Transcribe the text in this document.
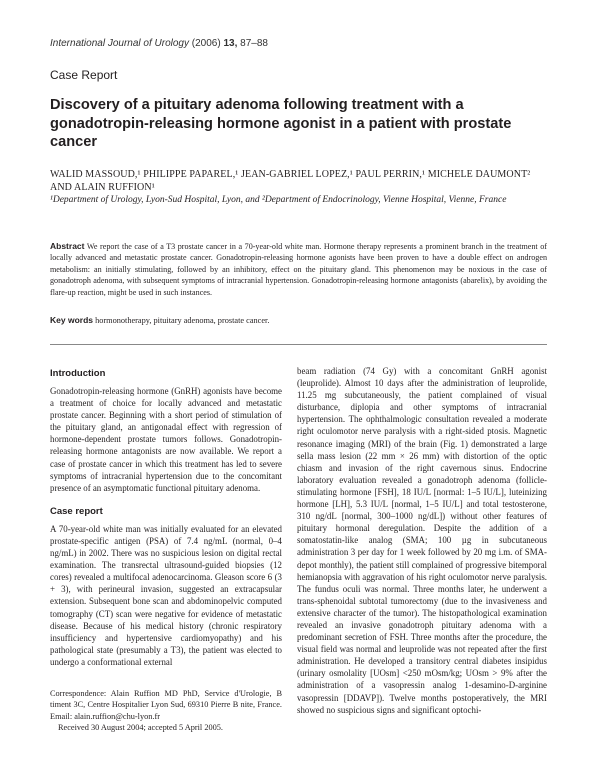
International Journal of Urology (2006) 13, 87–88
Case Report
Discovery of a pituitary adenoma following treatment with a gonadotropin-releasing hormone agonist in a patient with prostate cancer
WALID MASSOUD,¹ PHILIPPE PAPAREL,¹ JEAN-GABRIEL LOPEZ,¹ PAUL PERRIN,¹ MICHELE DAUMONT² AND ALAIN RUFFION¹
¹Department of Urology, Lyon-Sud Hospital, Lyon, and ²Department of Endocrinology, Vienne Hospital, Vienne, France
Abstract We report the case of a T3 prostate cancer in a 70-year-old white man. Hormone therapy represents a prominent branch in the treatment of locally advanced and metastatic prostate cancer. Gonadotropin-releasing hormone agonists have been proven to have a double effect on androgen metabolism: an initially stimulating, followed by an inhibitory, effect on the pituitary gland. This phenomenon may be noxious in the case of gonadotroph adenoma, with subsequent symptoms of intracranial hypertension. Gonadotropin-releasing hormone antagonists (abarelix), by avoiding the flare-up reaction, might be used in such instances.
Key words hormonotherapy, pituitary adenoma, prostate cancer.
Introduction

Gonadotropin-releasing hormone (GnRH) agonists have become a treatment of choice for locally advanced and metastatic prostate cancer. Beginning with a short period of stimulation of the pituitary gland, an antigonadal effect with regression of hormone-dependent prostate tumors follows. Gonadotropin-releasing hormone antagonists are now available. We report a case of prostate cancer in which this treatment has led to severe symptoms of intracranial hypertension due to the concomitant presence of an asymptomatic functional pituitary adenoma.

Case report

A 70-year-old white man was initially evaluated for an elevated prostate-specific antigen (PSA) of 7.4 ng/mL (normal, 0–4 ng/mL) in 2002. There was no suspicious lesion on digital rectal examination. The transrectal ultrasound-guided biopsies (12 cores) revealed a multifocal adenocarcinoma. Gleason score 6 (3 + 3), with perineural invasion, suggested an extracapsular extension. Subsequent bone scan and abdominopelvic computed tomography (CT) scan were negative for evidence of metastatic disease. Because of his medical history (chronic respiratory insufficiency and hypertensive cardiomyopathy) and his pathological state (presumably a T3), the patient was elected to undergo a conformational external

beam radiation (74 Gy) with a concomitant GnRH agonist (leuprolide). Almost 10 days after the administration of leuprolide, 11.25 mg subcutaneously, the patient complained of visual disturbance, diplopia and other symptoms of intracranial hypertension. The ophthalmologic consultation revealed a moderate right oculomotor nerve paralysis with a right-sided ptosis. Magnetic resonance imaging (MRI) of the brain (Fig. 1) demonstrated a large sella mass lesion (22 mm × 26 mm) with distortion of the optic chiasm and invasion of the right cavernous sinus. Endocrine laboratory evaluation revealed a gonadotroph adenoma (follicle-stimulating hormone [FSH], 18 IU/L [normal: 1–5 IU/L], luteinizing hormone [LH], 5.3 IU/L [normal, 1–5 IU/L] and total testosterone, 310 ng/dL [normal, 300–1000 ng/dL]) without other features of pituitary hormonal deregulation. Despite the addition of a somatostatin-like analog (SMA; 100 µg in subcutaneous administration 3 per day for 1 week followed by 20 mg i.m. of SMA-depot monthly), the patient still complained of progressive bitemporal hemianopsia with aggravation of his right oculomotor nerve paralysis. The fundus oculi was normal. Three months later, he underwent a trans-sphenoidal subtotal tumorectomy (due to the invasiveness and extensive character of the tumor). The histopathological examination revealed an invasive gonadotroph pituitary adenoma with a predominant secretion of FSH. Three months after the procedure, the visual field was normal and leuprolide was not repeated after the first administration. He developed a transitory central diabetes insipidus (urinary osmolality [UOsm] <250 mOsm/kg; UOsm > 9% after the administration of a vasopressin analog 1-desamino-D-arginine vasopressin [DDAVP]). Twelve months postoperatively, the MRI showed no suspicious signs and significant optochi-

Correspondence: Alain Ruffion MD PhD, Service d'Urologie, B timent 3C, Centre Hospitalier Lyon Sud, 69310 Pierre B nite, France. Email: alain.ruffion@chu-lyon.fr
Received 30 August 2004; accepted 5 April 2005.
